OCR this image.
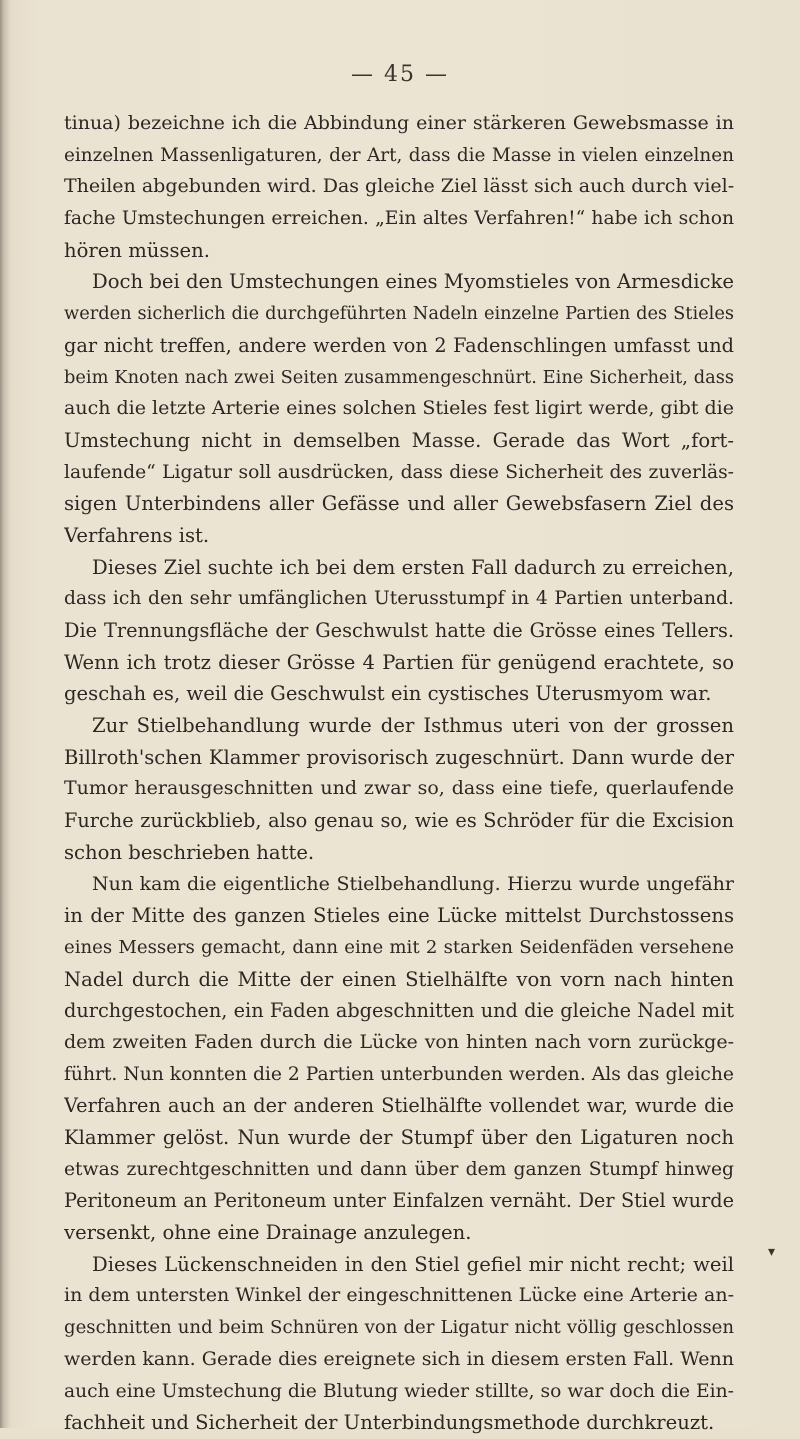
— 45 —
tinua) bezeichne ich die Abbindung einer stärkeren Gewebsmasse in
einzelnen Massenligaturen, der Art, dass die Masse in vielen einzelnen
Theilen abgebunden wird. Das gleiche Ziel lässt sich auch durch viel-
fache Umstechungen erreichen. „Ein altes Verfahren!“ habe ich schon
hören müssen.
Doch bei den Umstechungen eines Myomstieles von Armesdicke
werden sicherlich die durchgeführten Nadeln einzelne Partien des Stieles
gar nicht treffen, andere werden von 2 Fadenschlingen umfasst und
beim Knoten nach zwei Seiten zusammengeschnürt. Eine Sicherheit, dass
auch die letzte Arterie eines solchen Stieles fest ligirt werde, gibt die
Umstechung nicht in demselben Masse. Gerade das Wort „fort-
laufende“ Ligatur soll ausdrücken, dass diese Sicherheit des zuverläs-
sigen Unterbindens aller Gefässe und aller Gewebsfasern Ziel des
Verfahrens ist.
Dieses Ziel suchte ich bei dem ersten Fall dadurch zu erreichen,
dass ich den sehr umfänglichen Uterusstumpf in 4 Partien unterband.
Die Trennungsfläche der Geschwulst hatte die Grösse eines Tellers.
Wenn ich trotz dieser Grösse 4 Partien für genügend erachtete, so
geschah es, weil die Geschwulst ein cystisches Uterusmyom war.
Zur Stielbehandlung wurde der Isthmus uteri von der grossen
Billroth'schen Klammer provisorisch zugeschnürt. Dann wurde der
Tumor herausgeschnitten und zwar so, dass eine tiefe, querlaufende
Furche zurückblieb, also genau so, wie es Schröder für die Excision
schon beschrieben hatte.
Nun kam die eigentliche Stielbehandlung. Hierzu wurde ungefähr
in der Mitte des ganzen Stieles eine Lücke mittelst Durchstossens
eines Messers gemacht, dann eine mit 2 starken Seidenfäden versehene
Nadel durch die Mitte der einen Stielhälfte von vorn nach hinten
durchgestochen, ein Faden abgeschnitten und die gleiche Nadel mit
dem zweiten Faden durch die Lücke von hinten nach vorn zurückge-
führt. Nun konnten die 2 Partien unterbunden werden. Als das gleiche
Verfahren auch an der anderen Stielhälfte vollendet war, wurde die
Klammer gelöst. Nun wurde der Stumpf über den Ligaturen noch
etwas zurechtgeschnitten und dann über dem ganzen Stumpf hinweg
Peritoneum an Peritoneum unter Einfalzen vernäht. Der Stiel wurde
versenkt, ohne eine Drainage anzulegen.
Dieses Lückenschneiden in den Stiel gefiel mir nicht recht; weil
in dem untersten Winkel der eingeschnittenen Lücke eine Arterie an-
geschnitten und beim Schnüren von der Ligatur nicht völlig geschlossen
werden kann. Gerade dies ereignete sich in diesem ersten Fall. Wenn
auch eine Umstechung die Blutung wieder stillte, so war doch die Ein-
fachheit und Sicherheit der Unterbindungsmethode durchkreuzt.
▾
